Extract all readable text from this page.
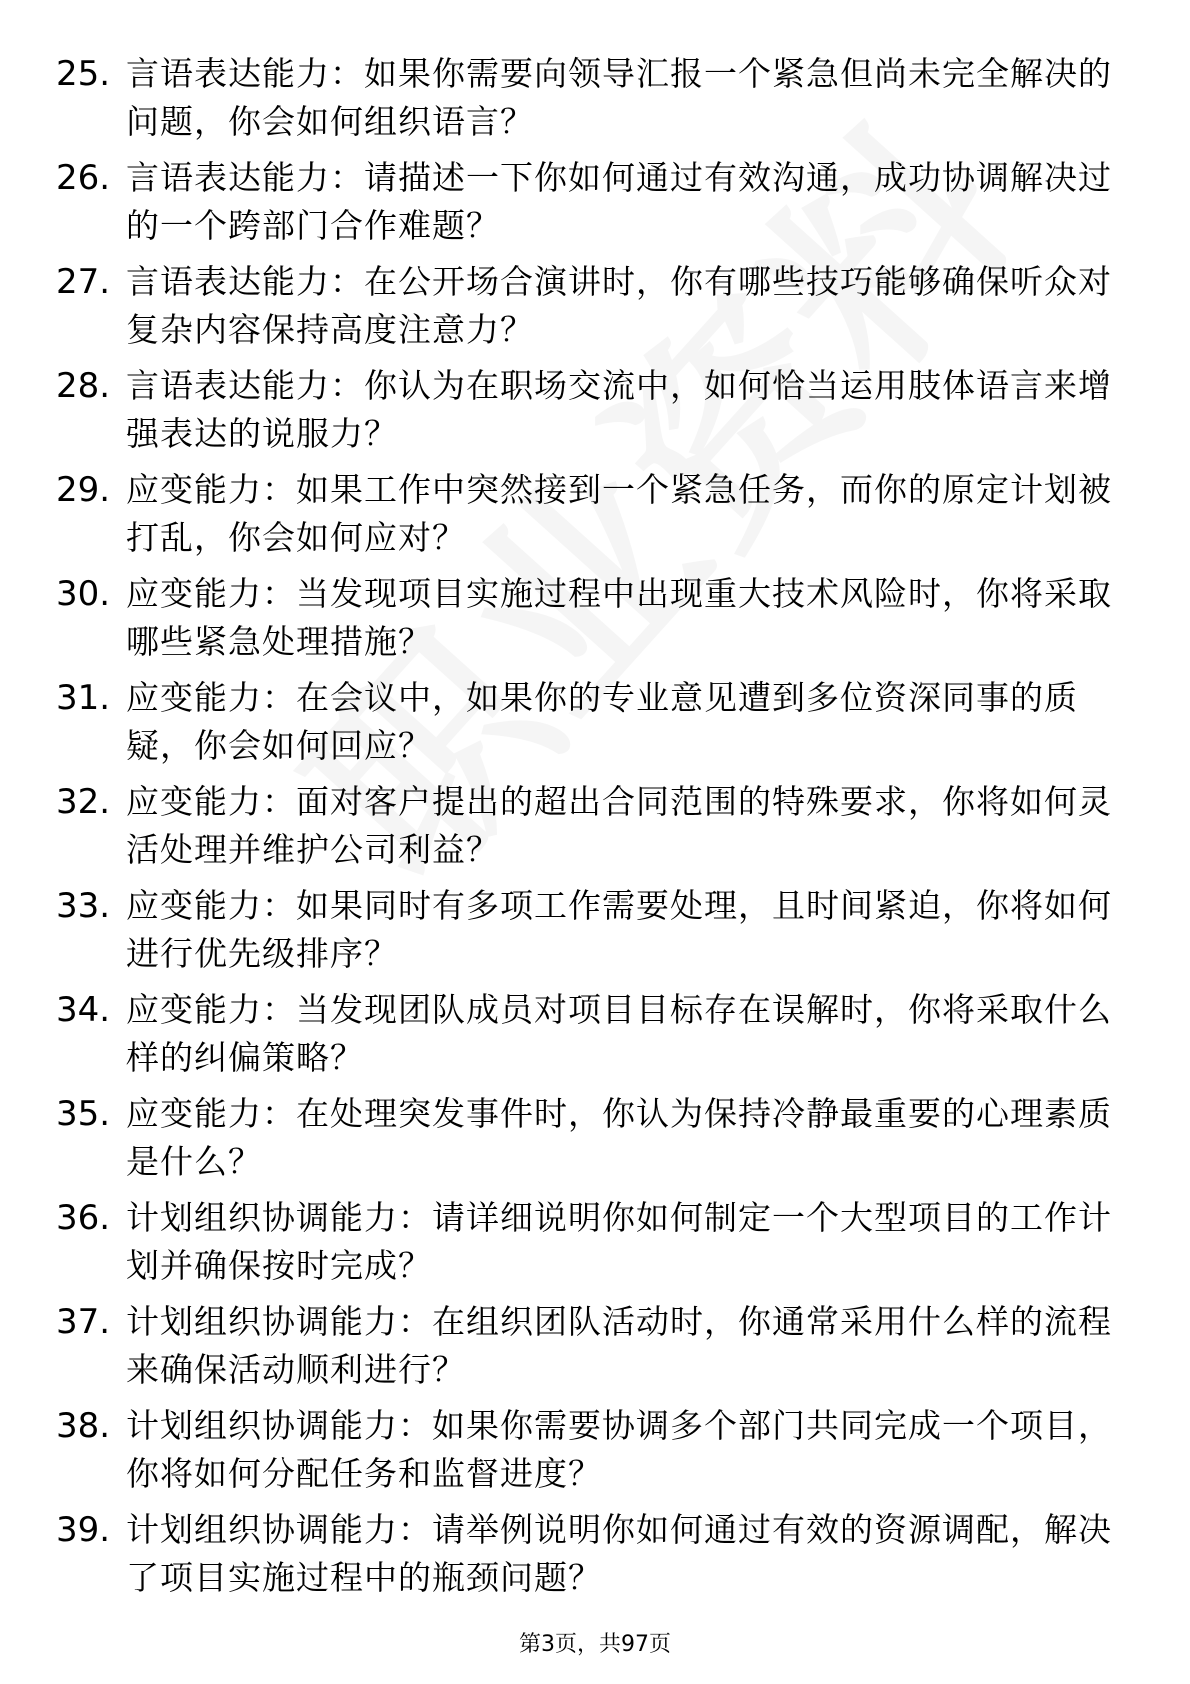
25. 言语表达能力：如果你需要向领导汇报一个紧急但尚未完全解决的问题，你会如何组织语言？
26. 言语表达能力：请描述一下你如何通过有效沟通，成功协调解决过的一个跨部门合作难题？
27. 言语表达能力：在公开场合演讲时，你有哪些技巧能够确保听众对复杂内容保持高度注意力？
28. 言语表达能力：你认为在职场交流中，如何恰当运用肢体语言来增强表达的说服力？
29. 应变能力：如果工作中突然接到一个紧急任务，而你的原定计划被打乱，你会如何应对？
30. 应变能力：当发现项目实施过程中出现重大技术风险时，你将采取哪些紧急处理措施？
31. 应变能力：在会议中，如果你的专业意见遭到多位资深同事的质疑，你会如何回应？
32. 应变能力：面对客户提出的超出合同范围的特殊要求，你将如何灵活处理并维护公司利益？
33. 应变能力：如果同时有多项工作需要处理，且时间紧迫，你将如何进行优先级排序？
34. 应变能力：当发现团队成员对项目目标存在误解时，你将采取什么样的纠偏策略？
35. 应变能力：在处理突发事件时，你认为保持冷静最重要的心理素质是什么？
36. 计划组织协调能力：请详细说明你如何制定一个大型项目的工作计划并确保按时完成？
37. 计划组织协调能力：在组织团队活动时，你通常采用什么样的流程来确保活动顺利进行？
38. 计划组织协调能力：如果你需要协调多个部门共同完成一个项目，你将如何分配任务和监督进度？
39. 计划组织协调能力：请举例说明你如何通过有效的资源调配，解决了项目实施过程中的瓶颈问题？
第3页，共97页
